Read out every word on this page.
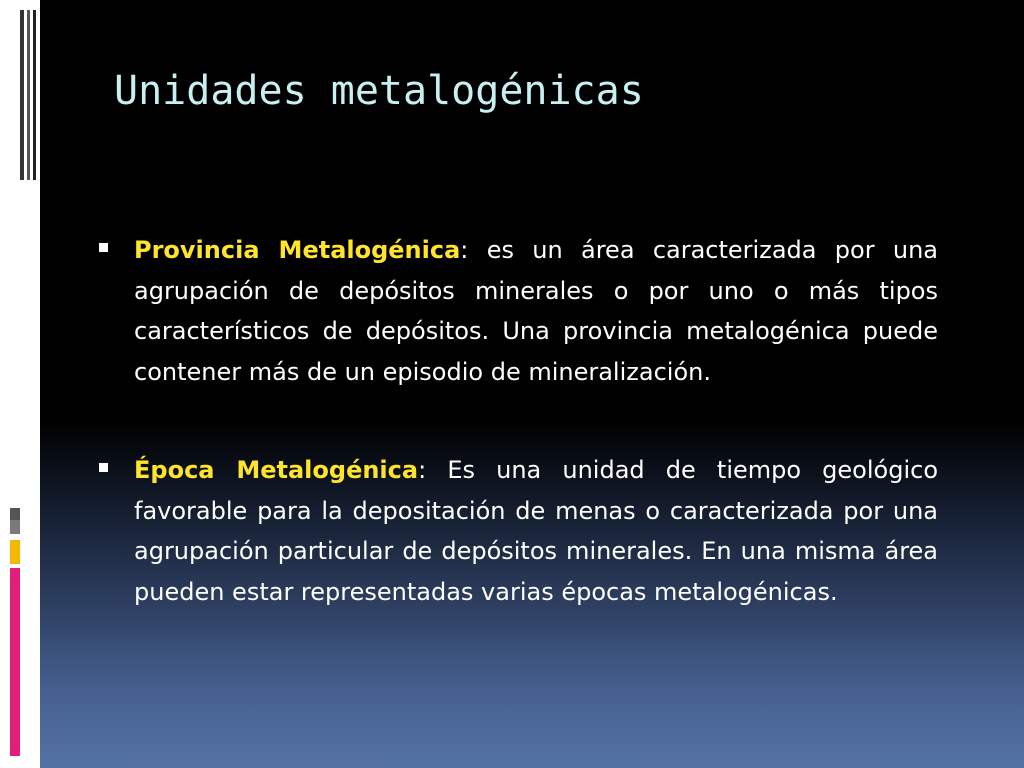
Unidades metalogénicas
Provincia Metalogénica: es un área caracterizada por una agrupación de depósitos minerales o por uno o más tipos característicos de depósitos. Una provincia metalogénica puede contener más de un episodio de mineralización.
Época Metalogénica: Es una unidad de tiempo geológico favorable para la depositación de menas o caracterizada por una agrupación particular de depósitos minerales. En una misma área pueden estar representadas varias épocas metalogénicas.
